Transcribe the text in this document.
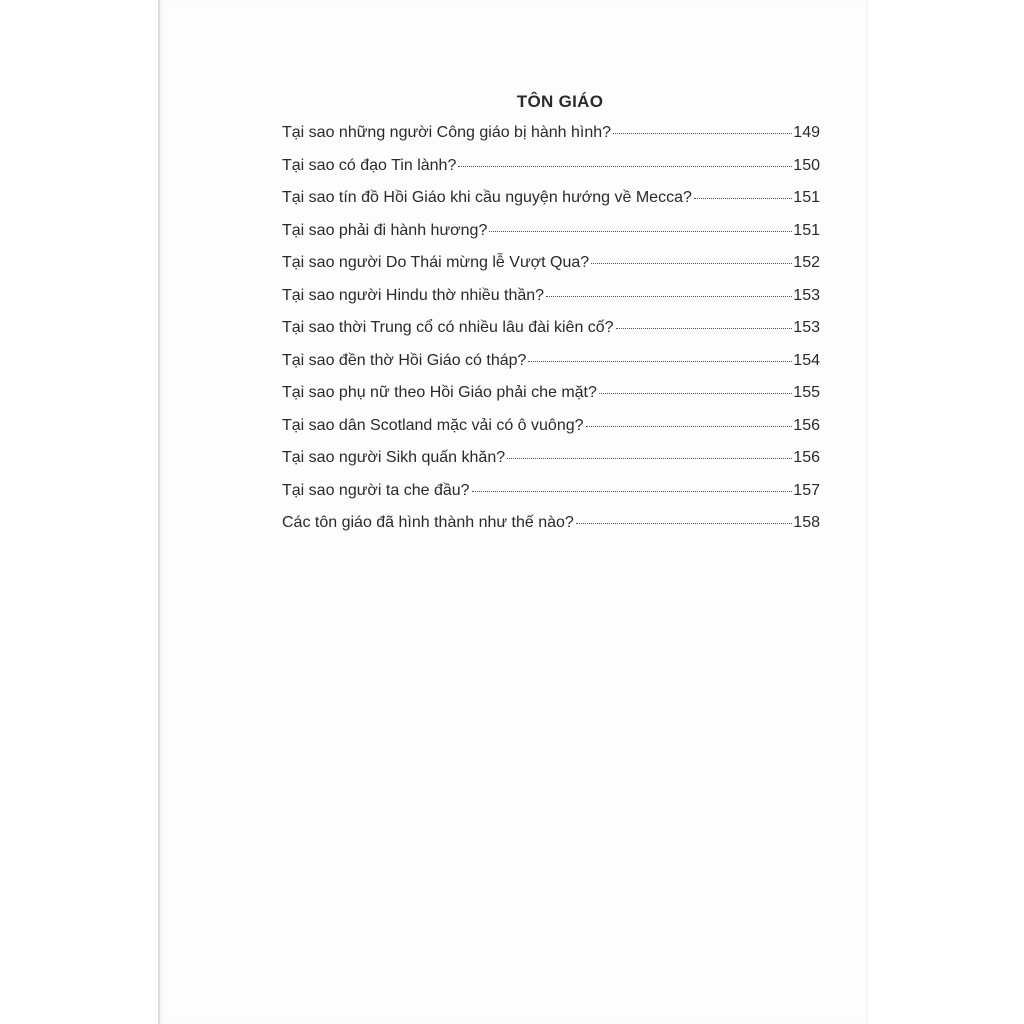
TÔN GIÁO
Tại sao những người Công giáo bị hành hình?	149
Tại sao có đạo Tin lành?	150
Tại sao tín đồ Hồi Giáo khi cầu nguyện hướng về Mecca?	151
Tại sao phải đi hành hương?	151
Tại sao người Do Thái mừng lễ Vượt Qua?	152
Tại sao người Hindu thờ nhiều thần?	153
Tại sao thời Trung cổ có nhiều lâu đài kiên cố?	153
Tại sao đền thờ Hồi Giáo có tháp?	154
Tại sao phụ nữ theo Hồi Giáo phải che mặt?	155
Tại sao dân Scotland mặc vải có ô vuông?	156
Tại sao người Sikh quấn khăn?	156
Tại sao người ta che đầu?	157
Các tôn giáo đã hình thành như thế nào?	158
